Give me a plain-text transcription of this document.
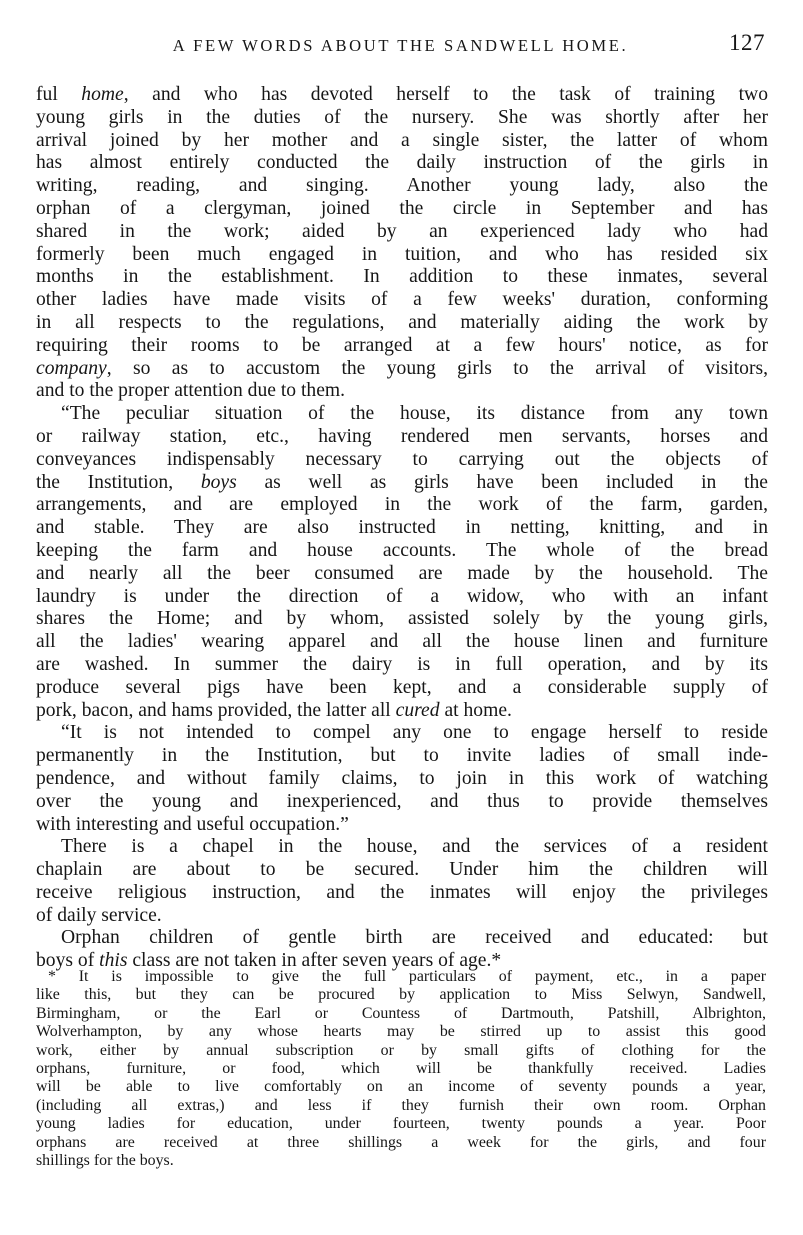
A FEW WORDS ABOUT THE SANDWELL HOME.	127
ful home, and who has devoted herself to the task of training two
young girls in the duties of the nursery. She was shortly after her
arrival joined by her mother and a single sister, the latter of whom
has almost entirely conducted the daily instruction of the girls in
writing, reading, and singing. Another young lady, also the
orphan of a clergyman, joined the circle in September and has
shared in the work; aided by an experienced lady who had
formerly been much engaged in tuition, and who has resided six
months in the establishment. In addition to these inmates, several
other ladies have made visits of a few weeks' duration, conforming
in all respects to the regulations, and materially aiding the work by
requiring their rooms to be arranged at a few hours' notice, as for
company, so as to accustom the young girls to the arrival of visitors,
and to the proper attention due to them.
“The peculiar situation of the house, its distance from any town
or railway station, etc., having rendered men servants, horses and
conveyances indispensably necessary to carrying out the objects of
the Institution, boys as well as girls have been included in the
arrangements, and are employed in the work of the farm, garden,
and stable. They are also instructed in netting, knitting, and in
keeping the farm and house accounts. The whole of the bread
and nearly all the beer consumed are made by the household. The
laundry is under the direction of a widow, who with an infant
shares the Home; and by whom, assisted solely by the young girls,
all the ladies' wearing apparel and all the house linen and furniture
are washed. In summer the dairy is in full operation, and by its
produce several pigs have been kept, and a considerable supply of
pork, bacon, and hams provided, the latter all cured at home.
“It is not intended to compel any one to engage herself to reside
permanently in the Institution, but to invite ladies of small inde-
pendence, and without family claims, to join in this work of watching
over the young and inexperienced, and thus to provide themselves
with interesting and useful occupation.”
There is a chapel in the house, and the services of a resident
chaplain are about to be secured. Under him the children will
receive religious instruction, and the inmates will enjoy the privileges
of daily service.
Orphan children of gentle birth are received and educated: but
boys of this class are not taken in after seven years of age.*
* It is impossible to give the full particulars of payment, etc., in a paper
like this, but they can be procured by application to Miss Selwyn, Sandwell,
Birmingham, or the Earl or Countess of Dartmouth, Patshill, Albrighton,
Wolverhampton, by any whose hearts may be stirred up to assist this good
work, either by annual subscription or by small gifts of clothing for the
orphans, furniture, or food, which will be thankfully received. Ladies
will be able to live comfortably on an income of seventy pounds a year,
(including all extras,) and less if they furnish their own room. Orphan
young ladies for education, under fourteen, twenty pounds a year. Poor
orphans are received at three shillings a week for the girls, and four
shillings for the boys.
